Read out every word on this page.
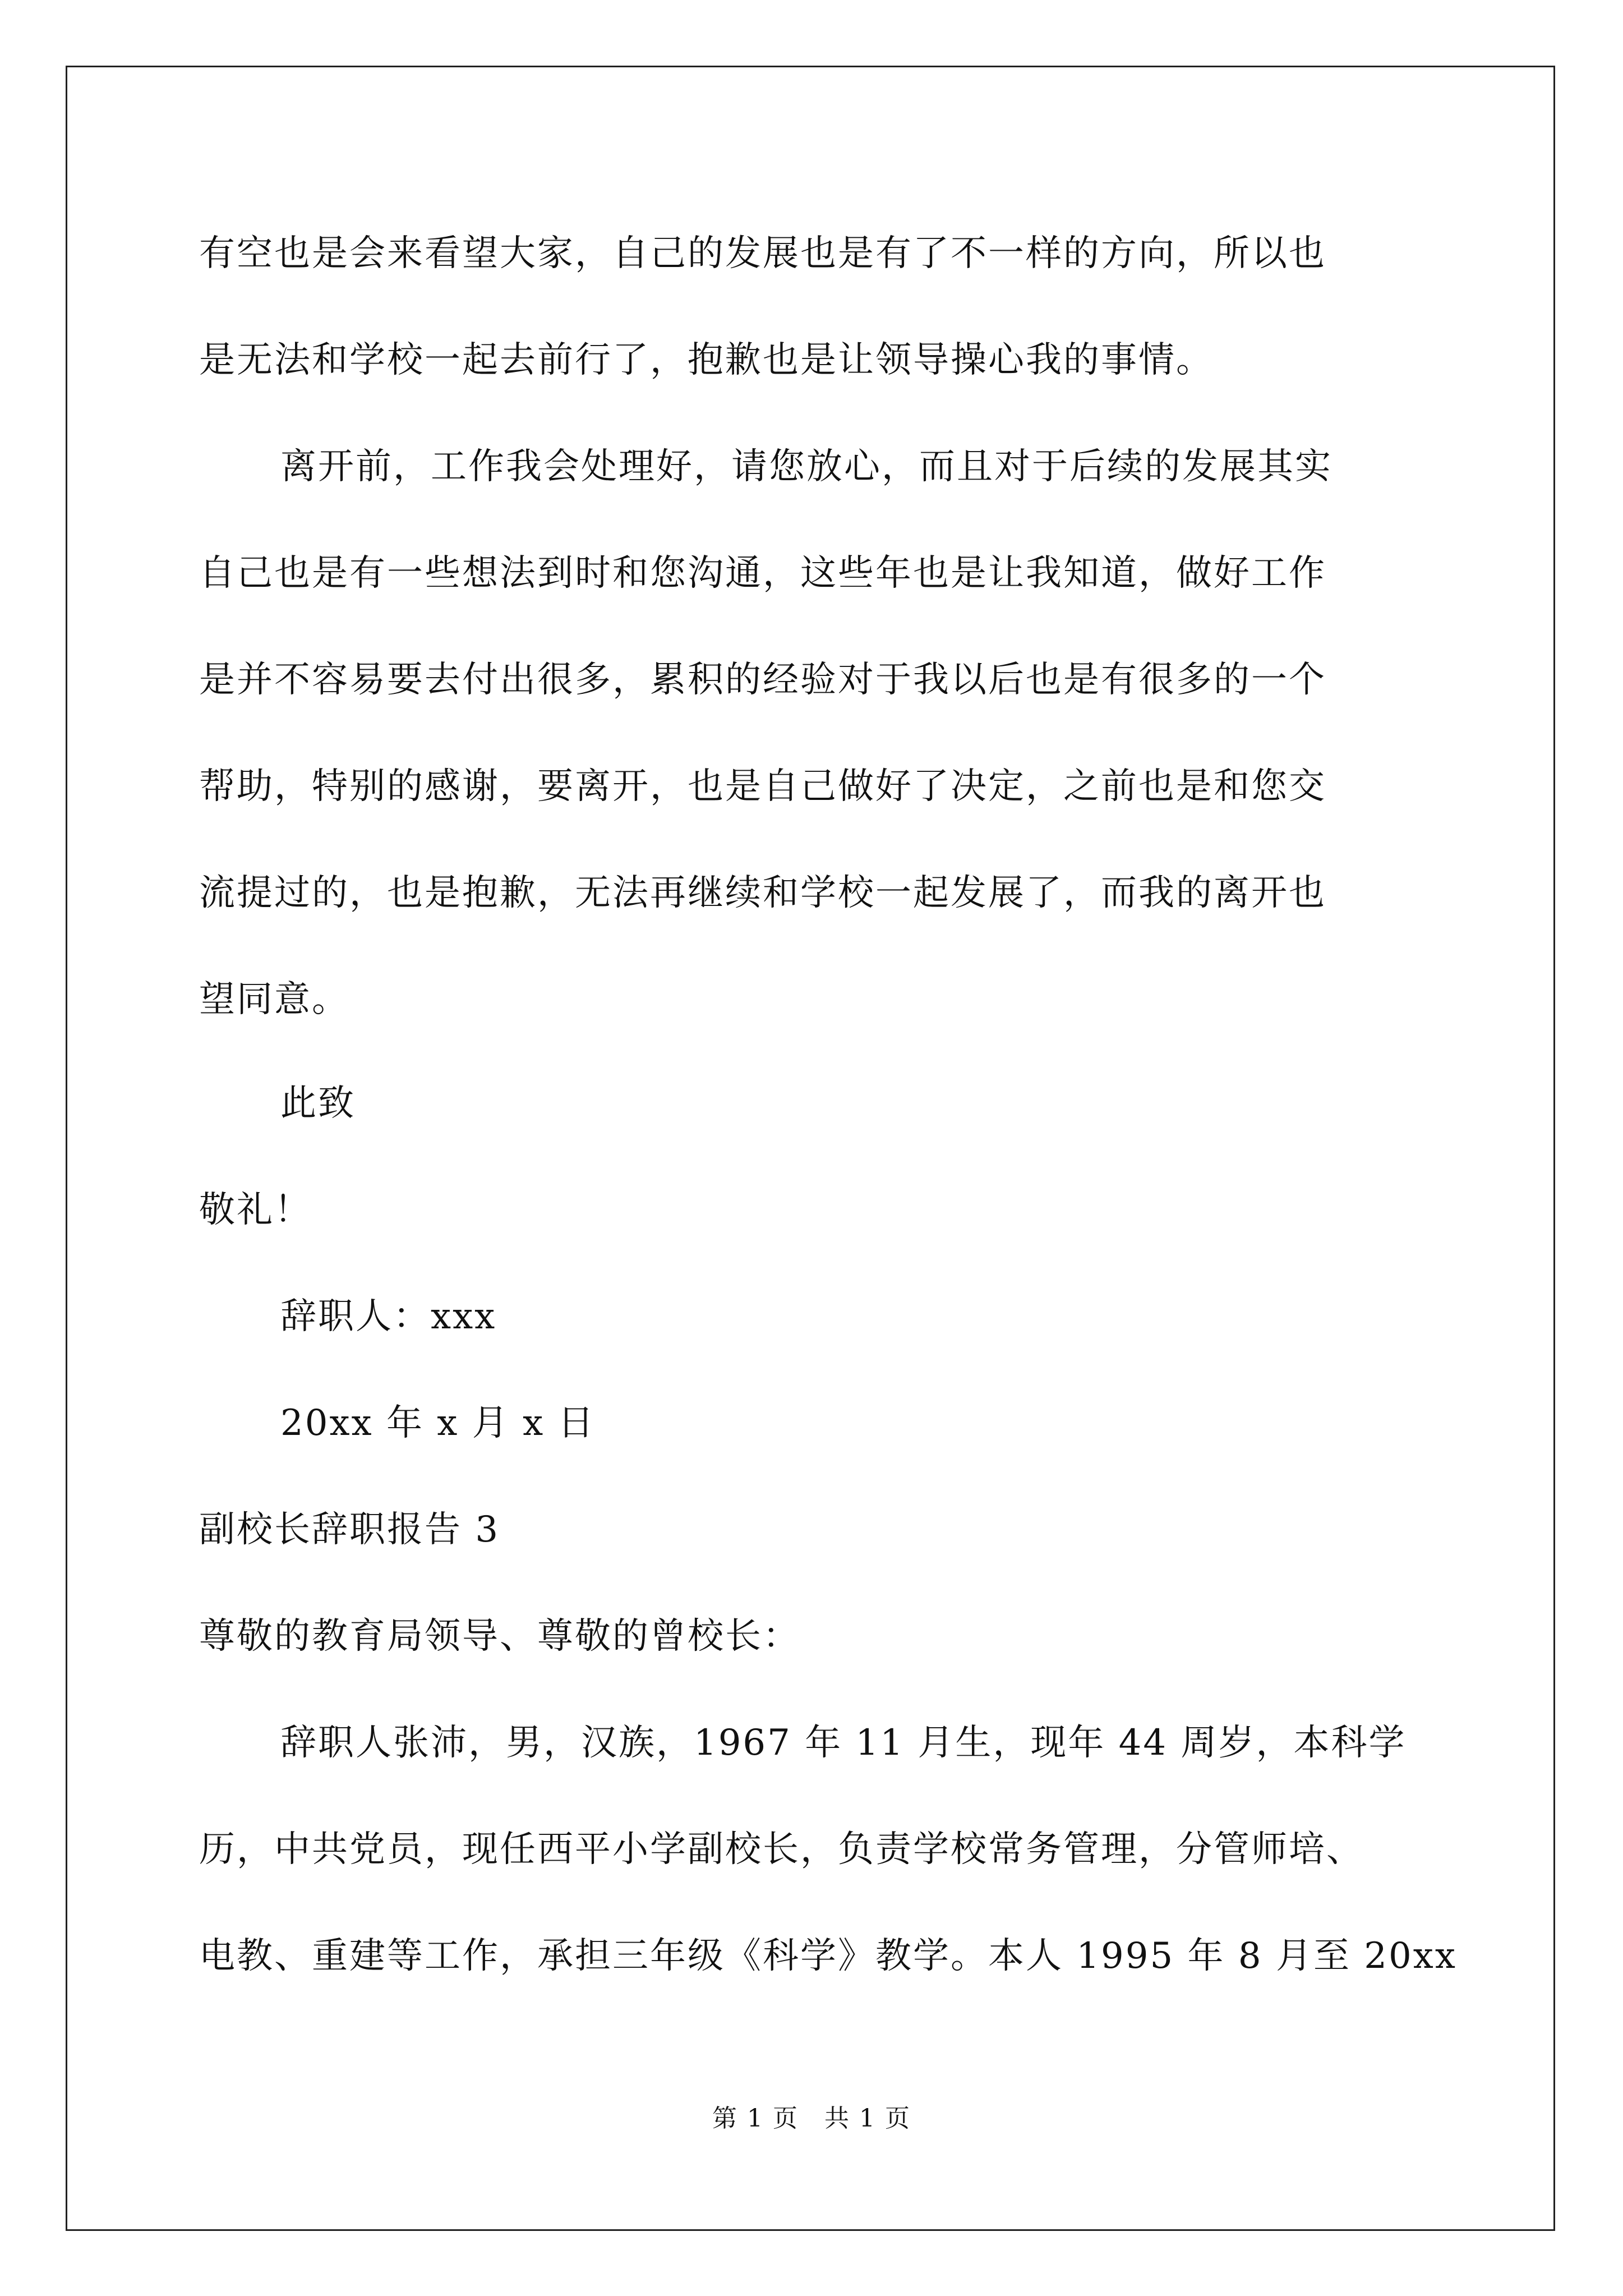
有空也是会来看望大家，自己的发展也是有了不一样的方向，所以也
是无法和学校一起去前行了，抱歉也是让领导操心我的事情。
离开前，工作我会处理好，请您放心，而且对于后续的发展其实
自己也是有一些想法到时和您沟通，这些年也是让我知道，做好工作
是并不容易要去付出很多，累积的经验对于我以后也是有很多的一个
帮助，特别的感谢，要离开，也是自己做好了决定，之前也是和您交
流提过的，也是抱歉，无法再继续和学校一起发展了，而我的离开也
望同意。
此致
敬礼！
辞职人：xxx
20xx 年 x 月 x 日
副校长辞职报告 3
尊敬的教育局领导、尊敬的曾校长：
辞职人张沛，男，汉族，1967 年 11 月生，现年 44 周岁，本科学
历，中共党员，现任西平小学副校长，负责学校常务管理，分管师培、
电教、重建等工作，承担三年级《科学》教学。本人 1995 年 8 月至 20xx
第 1 页　共 1 页
